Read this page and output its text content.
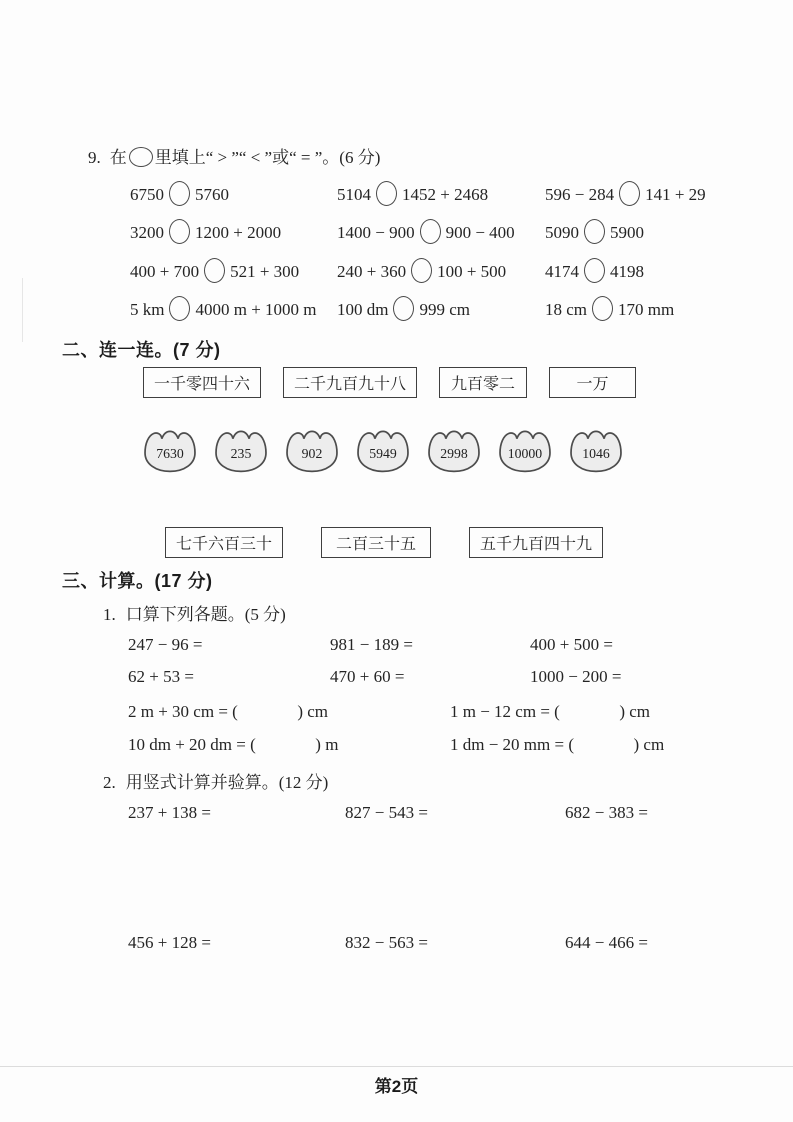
9. 在 里填上“ > ”“ < ”或“ = ”。(6 分)
6750 5760	5104 1452 + 2468	596 − 284 141 + 29
3200 1200 + 2000	1400 − 900 900 − 400	5090 5900
400 + 700 521 + 300	240 + 360 100 + 500	4174 4198
5 km 4000 m + 1000 m	100 dm 999 cm	18 cm 170 mm
二、连一连。(7 分)
一千零四十六	二千九百九十八	九百零二	一万
7630	235	902	5949	2998	10000	1046
七千六百三十	二百三十五	五千九百四十九
三、计算。(17 分)
1. 口算下列各题。(5 分)
247 − 96 =	981 − 189 =	400 + 500 =
62 + 53 =	470 + 60 =	1000 − 200 =
2 m + 30 cm = (              ) cm	1 m − 12 cm = (              ) cm
10 dm + 20 dm = (              ) m	1 dm − 20 mm = (              ) cm
2. 用竖式计算并验算。(12 分)
237 + 138 =	827 − 543 =	682 − 383 =
456 + 128 =	832 − 563 =	644 − 466 =
第2页
